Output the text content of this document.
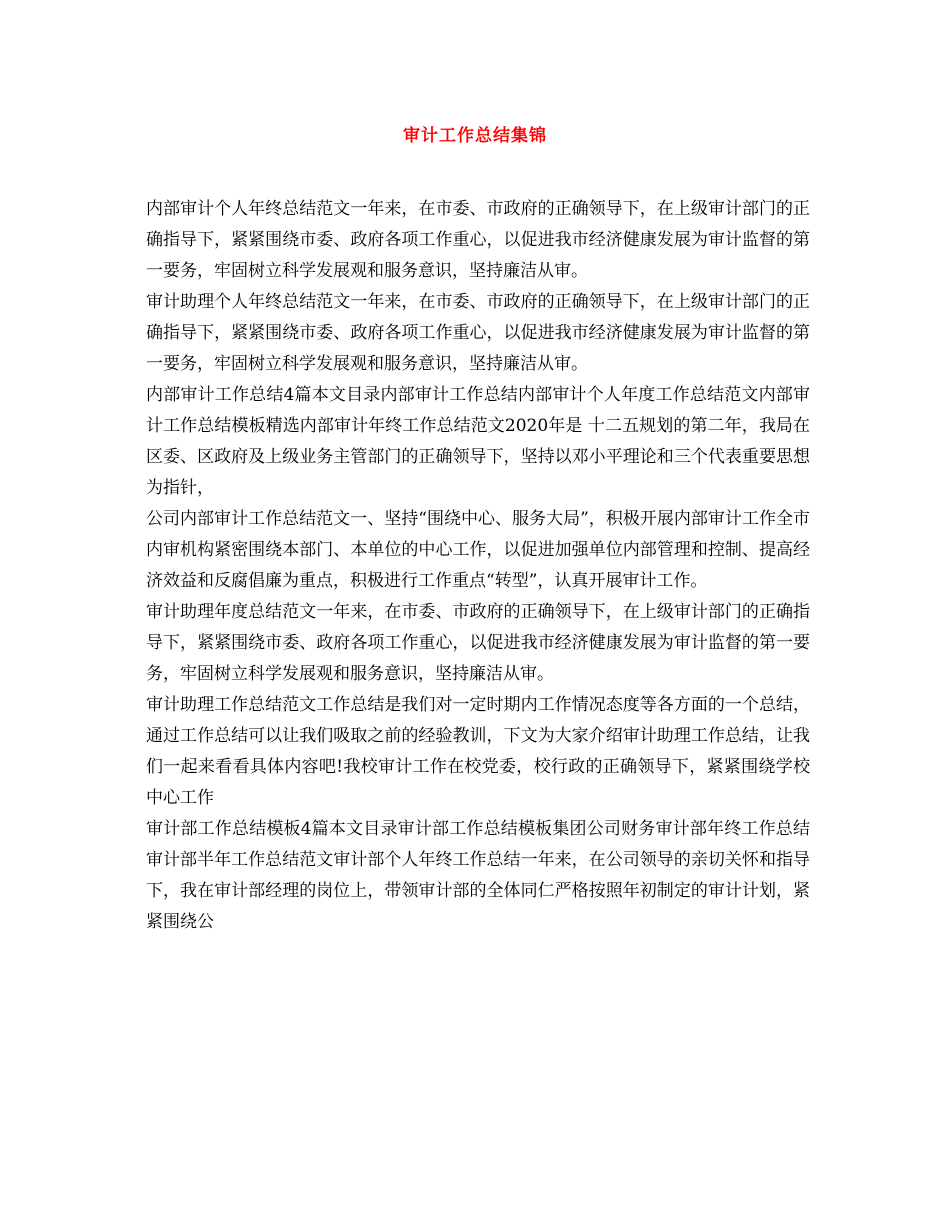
审计工作总结集锦

内部审计个人年终总结范文一年来，在市委、市政府的正确领导下，在上级审计部门的正确指导下，紧紧围绕市委、政府各项工作重心，以促进我市经济健康发展为审计监督的第一要务，牢固树立科学发展观和服务意识，坚持廉洁从审。

审计助理个人年终总结范文一年来，在市委、市政府的正确领导下，在上级审计部门的正确指导下，紧紧围绕市委、政府各项工作重心，以促进我市经济健康发展为审计监督的第一要务，牢固树立科学发展观和服务意识，坚持廉洁从审。

内部审计工作总结4篇本文目录内部审计工作总结内部审计个人年度工作总结范文内部审计工作总结模板精选内部审计年终工作总结范文2020年是 十二五规划的第二年，我局在区委、区政府及上级业务主管部门的正确领导下，坚持以邓小平理论和三个代表重要思想为指针，

公司内部审计工作总结范文一、坚持“围绕中心、服务大局”，积极开展内部审计工作全市内审机构紧密围绕本部门、本单位的中心工作，以促进加强单位内部管理和控制、提高经济效益和反腐倡廉为重点，积极进行工作重点“转型”，认真开展审计工作。

审计助理年度总结范文一年来，在市委、市政府的正确领导下，在上级审计部门的正确指导下，紧紧围绕市委、政府各项工作重心，以促进我市经济健康发展为审计监督的第一要务，牢固树立科学发展观和服务意识，坚持廉洁从审。

审计助理工作总结范文工作总结是我们对一定时期内工作情况态度等各方面的一个总结，通过工作总结可以让我们吸取之前的经验教训，下文为大家介绍审计助理工作总结，让我们一起来看看具体内容吧!我校审计工作在校党委，校行政的正确领导下，紧紧围绕学校中心工作

审计部工作总结模板4篇本文目录审计部工作总结模板集团公司财务审计部年终工作总结审计部半年工作总结范文审计部个人年终工作总结一年来，在公司领导的亲切关怀和指导下，我在审计部经理的岗位上，带领审计部的全体同仁严格按照年初制定的审计计划，紧紧围绕公
